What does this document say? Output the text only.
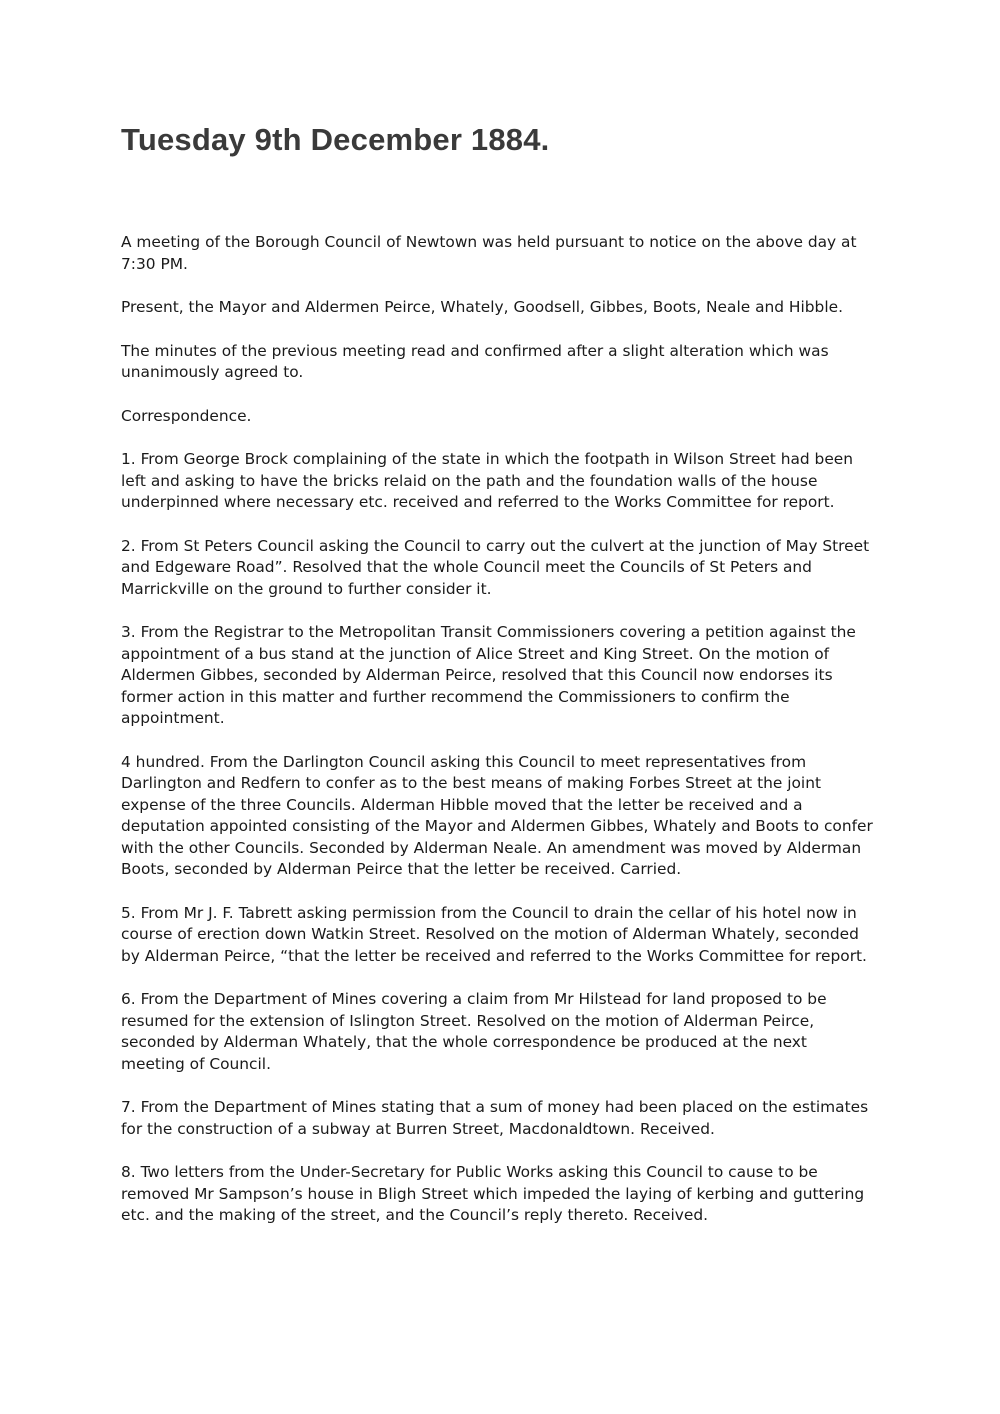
Tuesday 9th December 1884.

A meeting of the Borough Council of Newtown was held pursuant to notice on the above day at
7:30 PM.

Present, the Mayor and Aldermen Peirce, Whately, Goodsell, Gibbes, Boots, Neale and Hibble.

The minutes of the previous meeting read and confirmed after a slight alteration which was
unanimously agreed to.

Correspondence.

1. From George Brock complaining of the state in which the footpath in Wilson Street had been
left and asking to have the bricks relaid on the path and the foundation walls of the house
underpinned where necessary etc. received and referred to the Works Committee for report.

2. From St Peters Council asking the Council to carry out the culvert at the junction of May Street
and Edgeware Road”. Resolved that the whole Council meet the Councils of St Peters and
Marrickville on the ground to further consider it.

3. From the Registrar to the Metropolitan Transit Commissioners covering a petition against the
appointment of a bus stand at the junction of Alice Street and King Street. On the motion of
Aldermen Gibbes, seconded by Alderman Peirce, resolved that this Council now endorses its
former action in this matter and further recommend the Commissioners to confirm the
appointment.

4 hundred. From the Darlington Council asking this Council to meet representatives from
Darlington and Redfern to confer as to the best means of making Forbes Street at the joint
expense of the three Councils. Alderman Hibble moved that the letter be received and a
deputation appointed consisting of the Mayor and Aldermen Gibbes, Whately and Boots to confer
with the other Councils. Seconded by Alderman Neale. An amendment was moved by Alderman
Boots, seconded by Alderman Peirce that the letter be received. Carried.

5. From Mr J. F. Tabrett asking permission from the Council to drain the cellar of his hotel now in
course of erection down Watkin Street. Resolved on the motion of Alderman Whately, seconded
by Alderman Peirce, “that the letter be received and referred to the Works Committee for report.

6. From the Department of Mines covering a claim from Mr Hilstead for land proposed to be
resumed for the extension of Islington Street. Resolved on the motion of Alderman Peirce,
seconded by Alderman Whately, that the whole correspondence be produced at the next
meeting of Council.

7. From the Department of Mines stating that a sum of money had been placed on the estimates
for the construction of a subway at Burren Street, Macdonaldtown. Received.

8. Two letters from the Under-Secretary for Public Works asking this Council to cause to be
removed Mr Sampson’s house in Bligh Street which impeded the laying of kerbing and guttering
etc. and the making of the street, and the Council’s reply thereto. Received.
